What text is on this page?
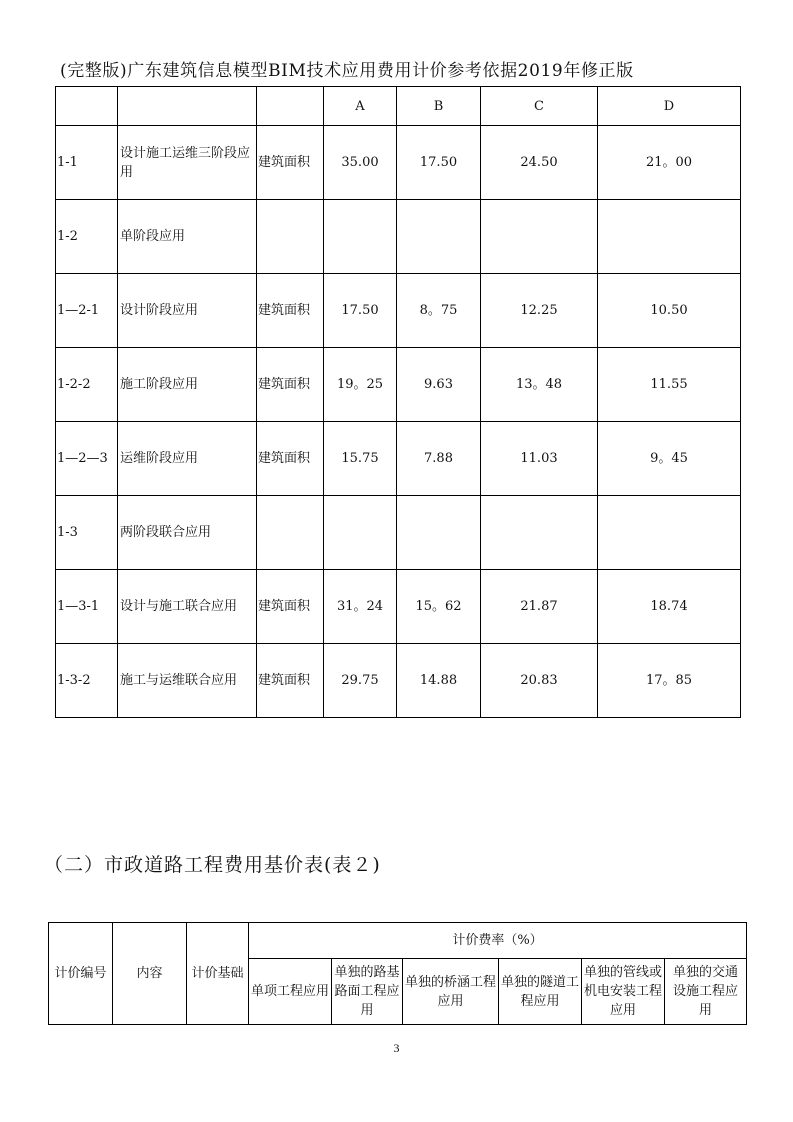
(完整版)广东建筑信息模型BIM技术应用费用计价参考依据2019年修正版
			A	B	C	D
1-1	设计施工运维三阶段应用	建筑面积	35.00	17.50	24.50	21。00
1-2	单阶段应用					
1—2-1	设计阶段应用	建筑面积	17.50	8。75	12.25	10.50
1-2-2	施工阶段应用	建筑面积	19。25	9.63	13。48	11.55
1—2—3	运维阶段应用	建筑面积	15.75	7.88	11.03	9。45
1-3	两阶段联合应用					
1—3-1	设计与施工联合应用	建筑面积	31。24	15。62	21.87	18.74
1-3-2	施工与运维联合应用	建筑面积	29.75	14.88	20.83	17。85
（二）市政道路工程费用基价表(表２)
计价编号	内容	计价基础	计价费率（%）					
			单项工程应用	单独的路基路面工程应用	单独的桥涵工程应用	单独的隧道工程应用	单独的管线或机电安装工程应用	单独的交通设施工程应用
3
